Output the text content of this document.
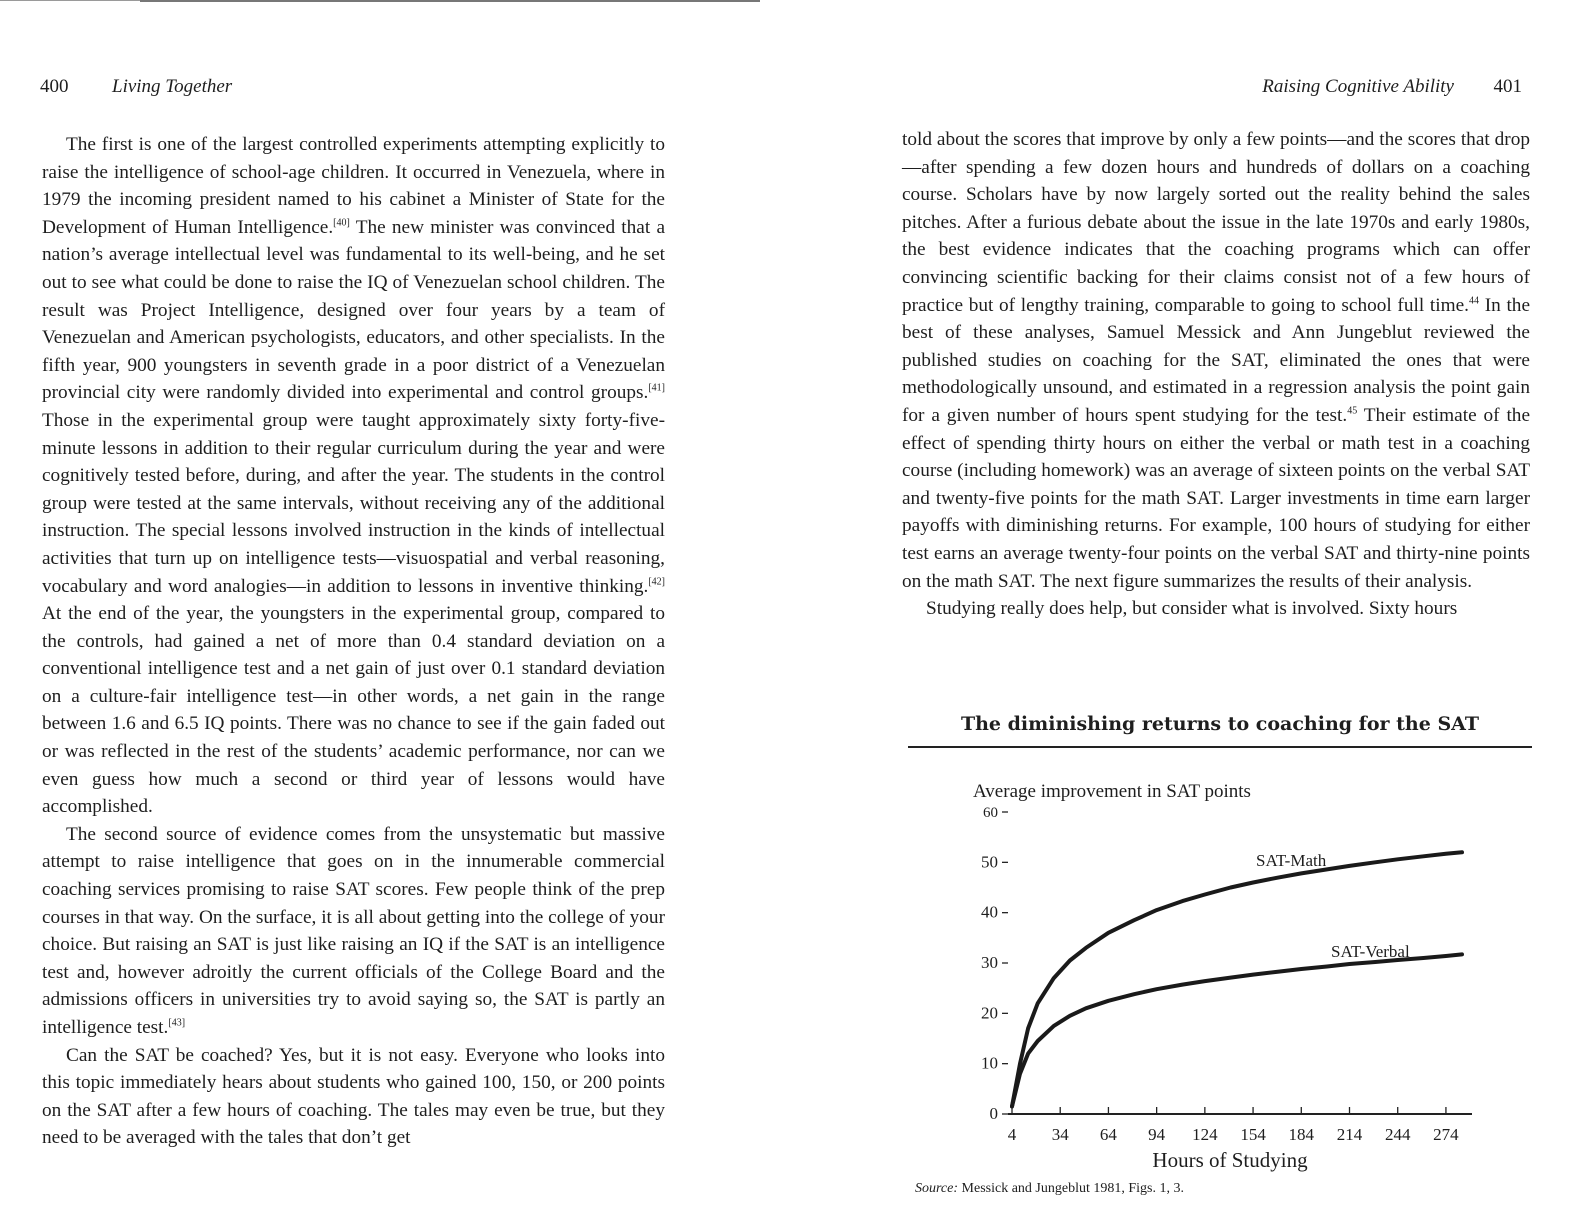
400 Living Together

The first is one of the largest controlled experiments attempting explicitly to raise the intelligence of school-age children. It occurred in Venezuela, where in 1979 the incoming president named to his cabinet a Minister of State for the Development of Human Intelligence.[40] The new minister was convinced that a nation’s average intellectual level was fundamental to its well-being, and he set out to see what could be done to raise the IQ of Venezuelan school children. The result was Project Intelligence, designed over four years by a team of Venezuelan and American psychologists, educators, and other specialists. In the fifth year, 900 youngsters in seventh grade in a poor district of a Venezuelan provincial city were randomly divided into experimental and control groups.[41] Those in the experimental group were taught approximately sixty forty-five-minute lessons in addition to their regular curriculum during the year and were cognitively tested before, during, and after the year. The students in the control group were tested at the same intervals, without receiving any of the additional instruction. The special lessons involved instruction in the kinds of intellectual activities that turn up on intelligence tests—visuospatial and verbal reasoning, vocabulary and word analogies—in addition to lessons in inventive thinking.[42] At the end of the year, the youngsters in the experimental group, compared to the controls, had gained a net of more than 0.4 standard deviation on a conventional intelligence test and a net gain of just over 0.1 standard deviation on a culture-fair intelligence test—in other words, a net gain in the range between 1.6 and 6.5 IQ points. There was no chance to see if the gain faded out or was reflected in the rest of the students’ academic performance, nor can we even guess how much a second or third year of lessons would have accomplished.

The second source of evidence comes from the unsystematic but massive attempt to raise intelligence that goes on in the innumerable commercial coaching services promising to raise SAT scores. Few people think of the prep courses in that way. On the surface, it is all about getting into the college of your choice. But raising an SAT is just like raising an IQ if the SAT is an intelligence test and, however adroitly the current officials of the College Board and the admissions officers in universities try to avoid saying so, the SAT is partly an intelligence test.[43]

Can the SAT be coached? Yes, but it is not easy. Everyone who looks into this topic immediately hears about students who gained 100, 150, or 200 points on the SAT after a few hours of coaching. The tales may even be true, but they need to be averaged with the tales that don’t get

Raising Cognitive Ability 401

told about the scores that improve by only a few points—and the scores that drop—after spending a few dozen hours and hundreds of dollars on a coaching course. Scholars have by now largely sorted out the reality behind the sales pitches. After a furious debate about the issue in the late 1970s and early 1980s, the best evidence indicates that the coaching programs which can offer convincing scientific backing for their claims consist not of a few hours of practice but of lengthy training, comparable to going to school full time.$^{44}$ In the best of these analyses, Samuel Messick and Ann Jungeblut reviewed the published studies on coaching for the SAT, eliminated the ones that were methodologically unsound, and estimated in a regression analysis the point gain for a given number of hours spent studying for the test.$^{45}$ Their estimate of the effect of spending thirty hours on either the verbal or math test in a coaching course (including homework) was an average of sixteen points on the verbal SAT and twenty-five points for the math SAT. Larger investments in time earn larger payoffs with diminishing returns. For example, 100 hours of studying for either test earns an average twenty-four points on the verbal SAT and thirty-nine points on the math SAT. The next figure summarizes the results of their analysis.

Studying really does help, but consider what is involved. Sixty hours

The diminishing returns to coaching for the SAT
Average improvement in SAT points
0
10
20
30
40
50
60
4 34 64 94 124 154 184 214 244 274
Hours of Studying
SAT-Math
SAT-Verbal
Source: Messick and Jungeblut 1981, Figs. 1, 3.
